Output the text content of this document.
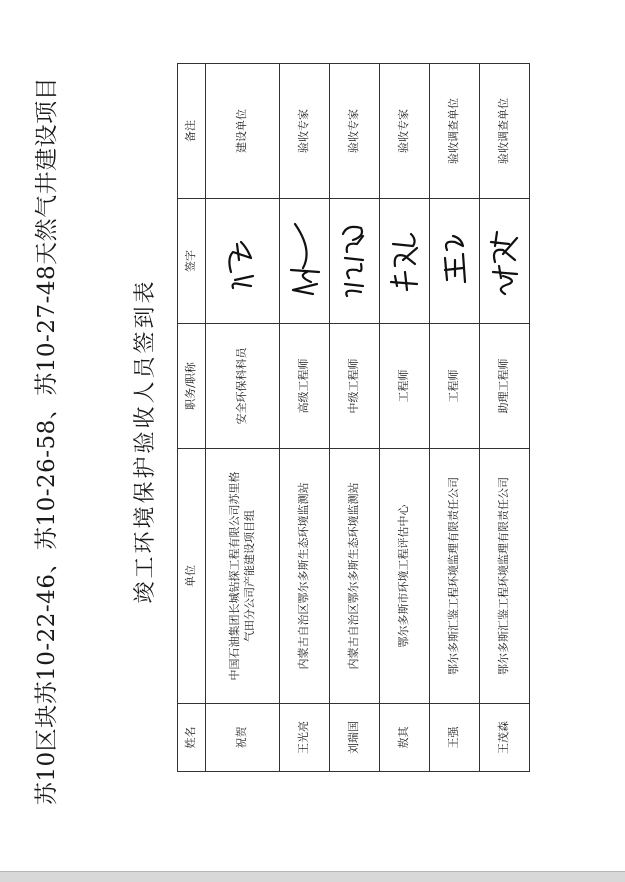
苏10区块苏10-22-46、苏10-26-58、苏10-27-48天然气井建设项目	竣工环境保护验收人员签到表
姓名	单位	职务/职称	签字	备注
祝贺	中国石油集团长城钻探工程有限公司苏里格 气田分公司产能建设项目组	安全环保科科员		建设单位
王光亮	内蒙古自治区鄂尔多斯生态环境监测站	高级工程师		验收专家
刘瑞国	内蒙古自治区鄂尔多斯生态环境监测站	中级工程师		验收专家
敖其	鄂尔多斯市环境工程评估中心	工程师		验收专家
王强	鄂尔多斯汇鉴工程环境监理有限责任公司	工程师		验收调查单位
王茂森	鄂尔多斯汇鉴工程环境监理有限责任公司	助理工程师		验收调查单位
